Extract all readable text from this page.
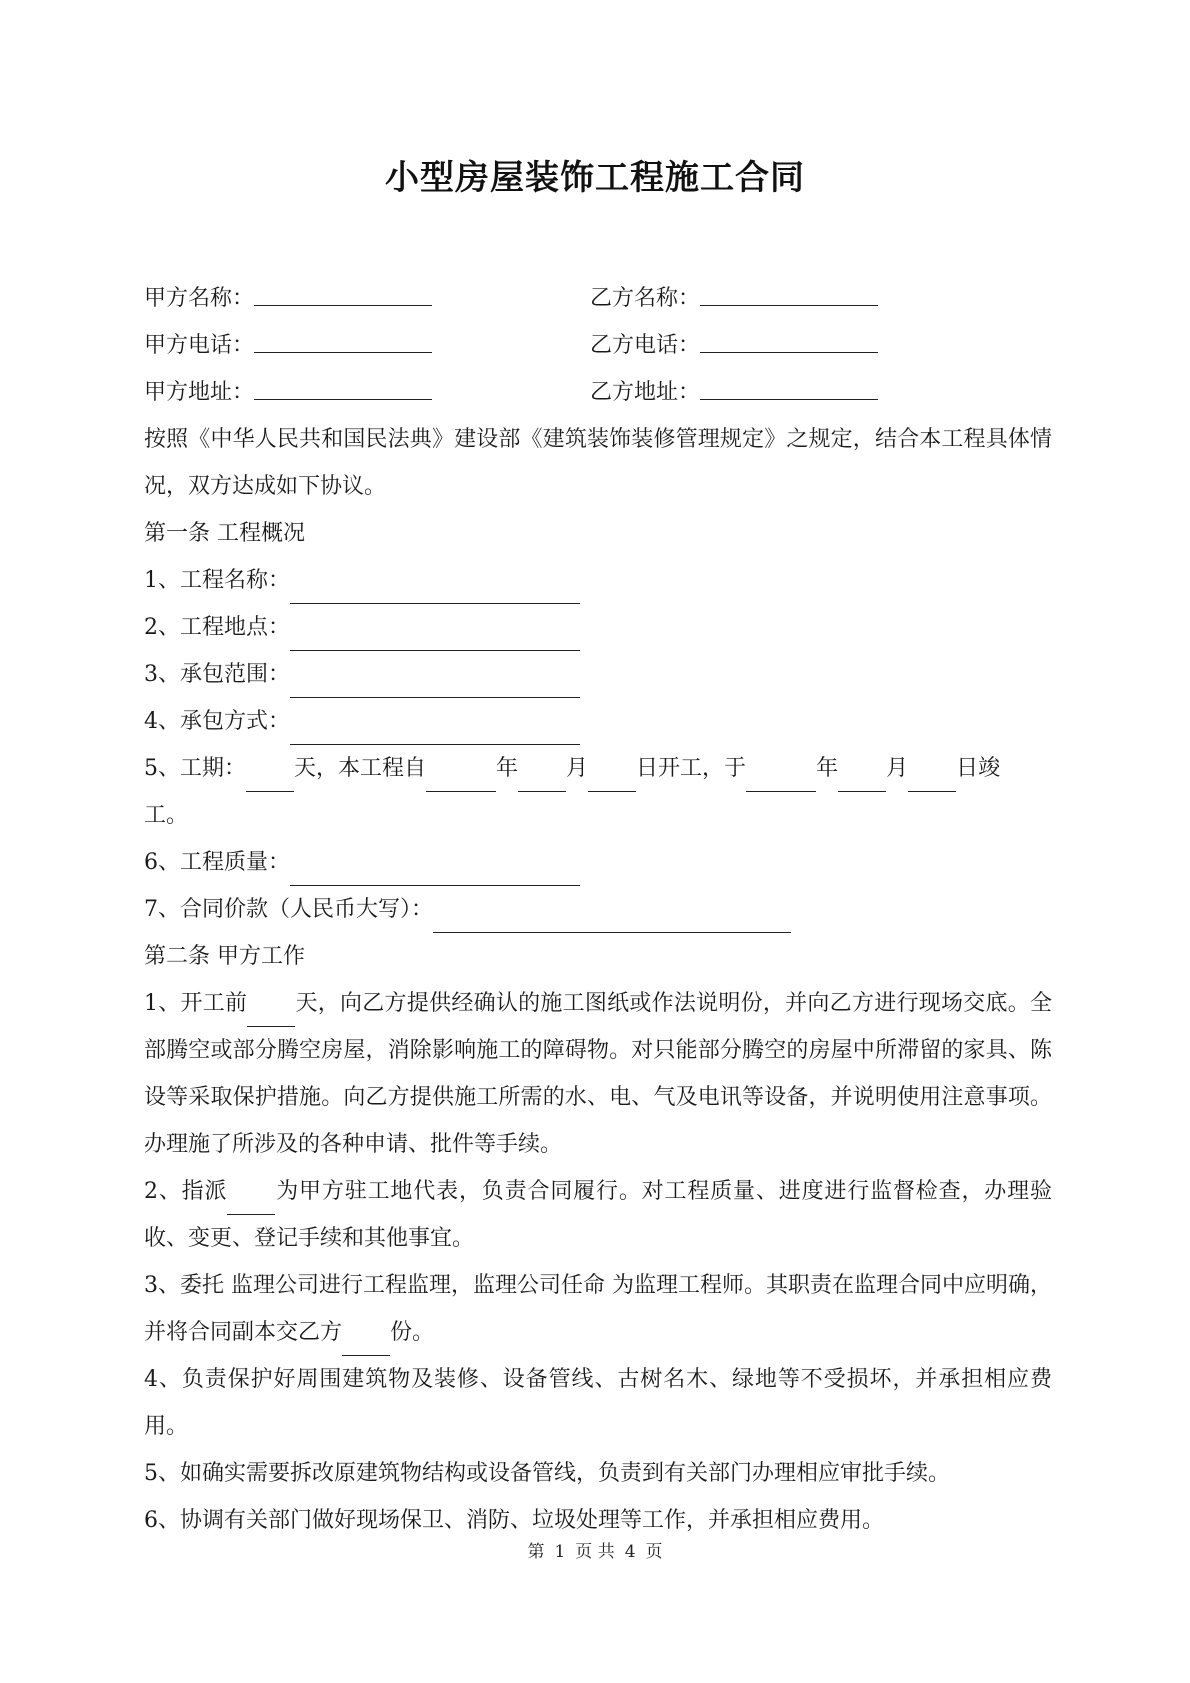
小型房屋装饰工程施工合同
甲方名称：	乙方名称：
甲方电话：	乙方电话：
甲方地址：	乙方地址：
按照《中华人民共和国民法典》建设部《建筑装饰装修管理规定》之规定，结合本工程具体情况，双方达成如下协议。
第一条 工程概况
1、工程名称：
2、工程地点：
3、承包范围：
4、承包方式：
5、工期： 天，本工程自	年 月 日开工，于	年 月 日竣
工。
6、工程质量：
7、合同价款（人民币大写）：
第二条 甲方工作
1、开工前 天，向乙方提供经确认的施工图纸或作法说明份，并向乙方进行现场交底。全部腾空或部分腾空房屋，消除影响施工的障碍物。对只能部分腾空的房屋中所滞留的家具、陈设等采取保护措施。向乙方提供施工所需的水、电、气及电讯等设备，并说明使用注意事项。办理施了所涉及的各种申请、批件等手续。
2、指派 为甲方驻工地代表，负责合同履行。对工程质量、进度进行监督检查，办理验收、变更、登记手续和其他事宜。
3、委托 监理公司进行工程监理，监理公司任命 为监理工程师。其职责在监理合同中应明确，并将合同副本交乙方 份。
4、负责保护好周围建筑物及装修、设备管线、古树名木、绿地等不受损坏，并承担相应费用。
5、如确实需要拆改原建筑物结构或设备管线，负责到有关部门办理相应审批手续。
6、协调有关部门做好现场保卫、消防、垃圾处理等工作，并承担相应费用。
第 1 页 共 4 页
